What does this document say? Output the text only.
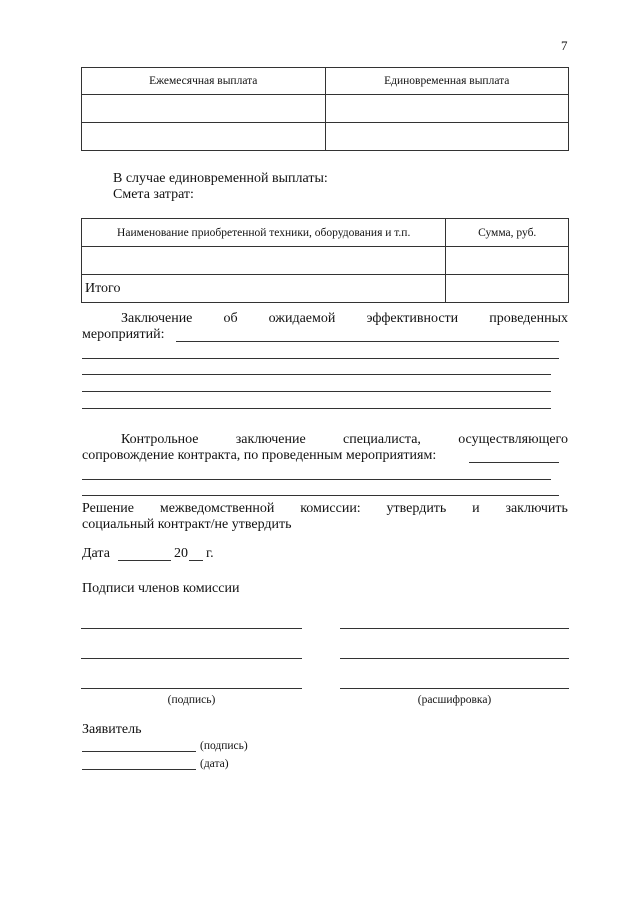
7
Ежемесячная выплата	Единовременная выплата

В случае единовременной выплаты:
Смета затрат:
Наименование приобретенной техники, оборудования и т.п.	Сумма, руб.

Итого	
Заключение об ожидаемой эффективности проведенных
мероприятий:
Контрольное	заключение	специалиста,	осуществляющего
сопровождение контракта, по проведенным мероприятиям:
Решение межведомственной комиссии: утвердить и заключить
социальный контракт/не утвердить
Дата	20 г.
Подписи членов комиссии
(подпись)	(расшифровка)
Заявитель
(подпись)
(дата)
